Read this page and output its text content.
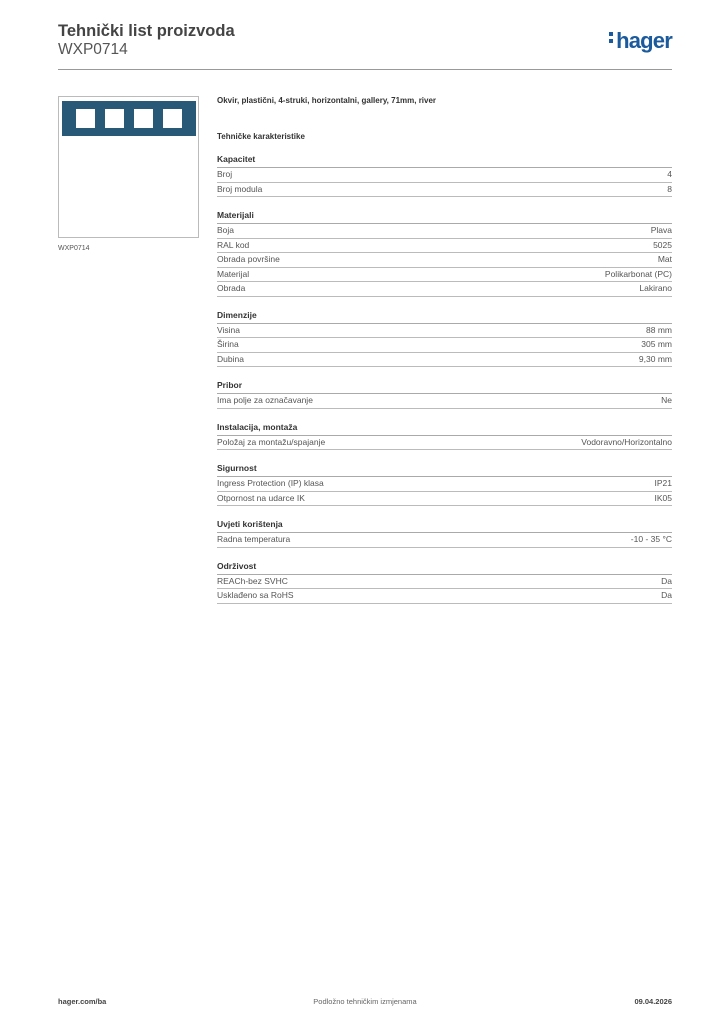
Tehnički list proizvoda
WXP0714	hager
WXP0714
Okvir, plastični, 4-struki, horizontalni, gallery, 71mm, river
Tehničke karakteristike
Kapacitet
Broj	4
Broj modula	8
Materijali
Boja	Plava
RAL kod	5025
Obrada površine	Mat
Materijal	Polikarbonat (PC)
Obrada	Lakirano
Dimenzije
Visina	88 mm
Širina	305 mm
Dubina	9,30 mm
Pribor
Ima polje za označavanje	Ne
Instalacija, montaža
Položaj za montažu/spajanje	Vodoravno/Horizontalno
Sigurnost
Ingress Protection (IP) klasa	IP21
Otpornost na udarce IK	IK05
Uvjeti korištenja
Radna temperatura	-10 - 35 °C
Održivost
REACh-bez SVHC	Da
Usklađeno sa RoHS	Da
hager.com/ba	Podložno tehničkim izmjenama	09.04.2026
